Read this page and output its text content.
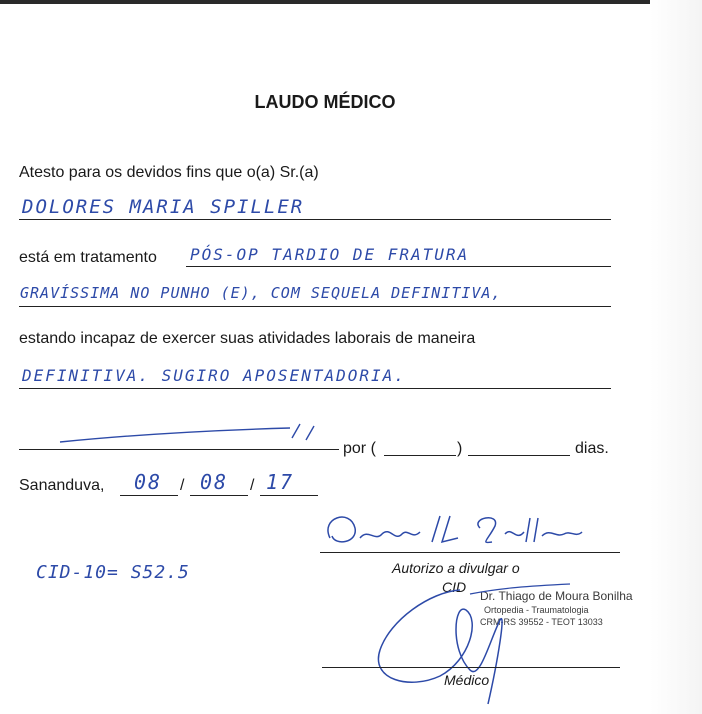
LAUDO MÉDICO
Atesto para os devidos fins que o(a) Sr.(a)
DOLORES MARIA SPILLER
está em tratamento PÓS-OP TARDIO DE FRATURA
GRAVÍSSIMA NO PUNHO (E), COM SEQUELA DEFINITIVA,
estando incapaz de exercer suas atividades laborais de maneira
DEFINITIVA. SUGIRO APOSENTADORIA.
por (	)	dias.
Sananduva, 08 / 08 / 17
Autorizo a divulgar o
CID
CID-10= S52.5
Dr. Thiago de Moura Bonilha
Ortopedia - Traumatologia
CRM-RS 39552 - TEOT 13033
Médico
